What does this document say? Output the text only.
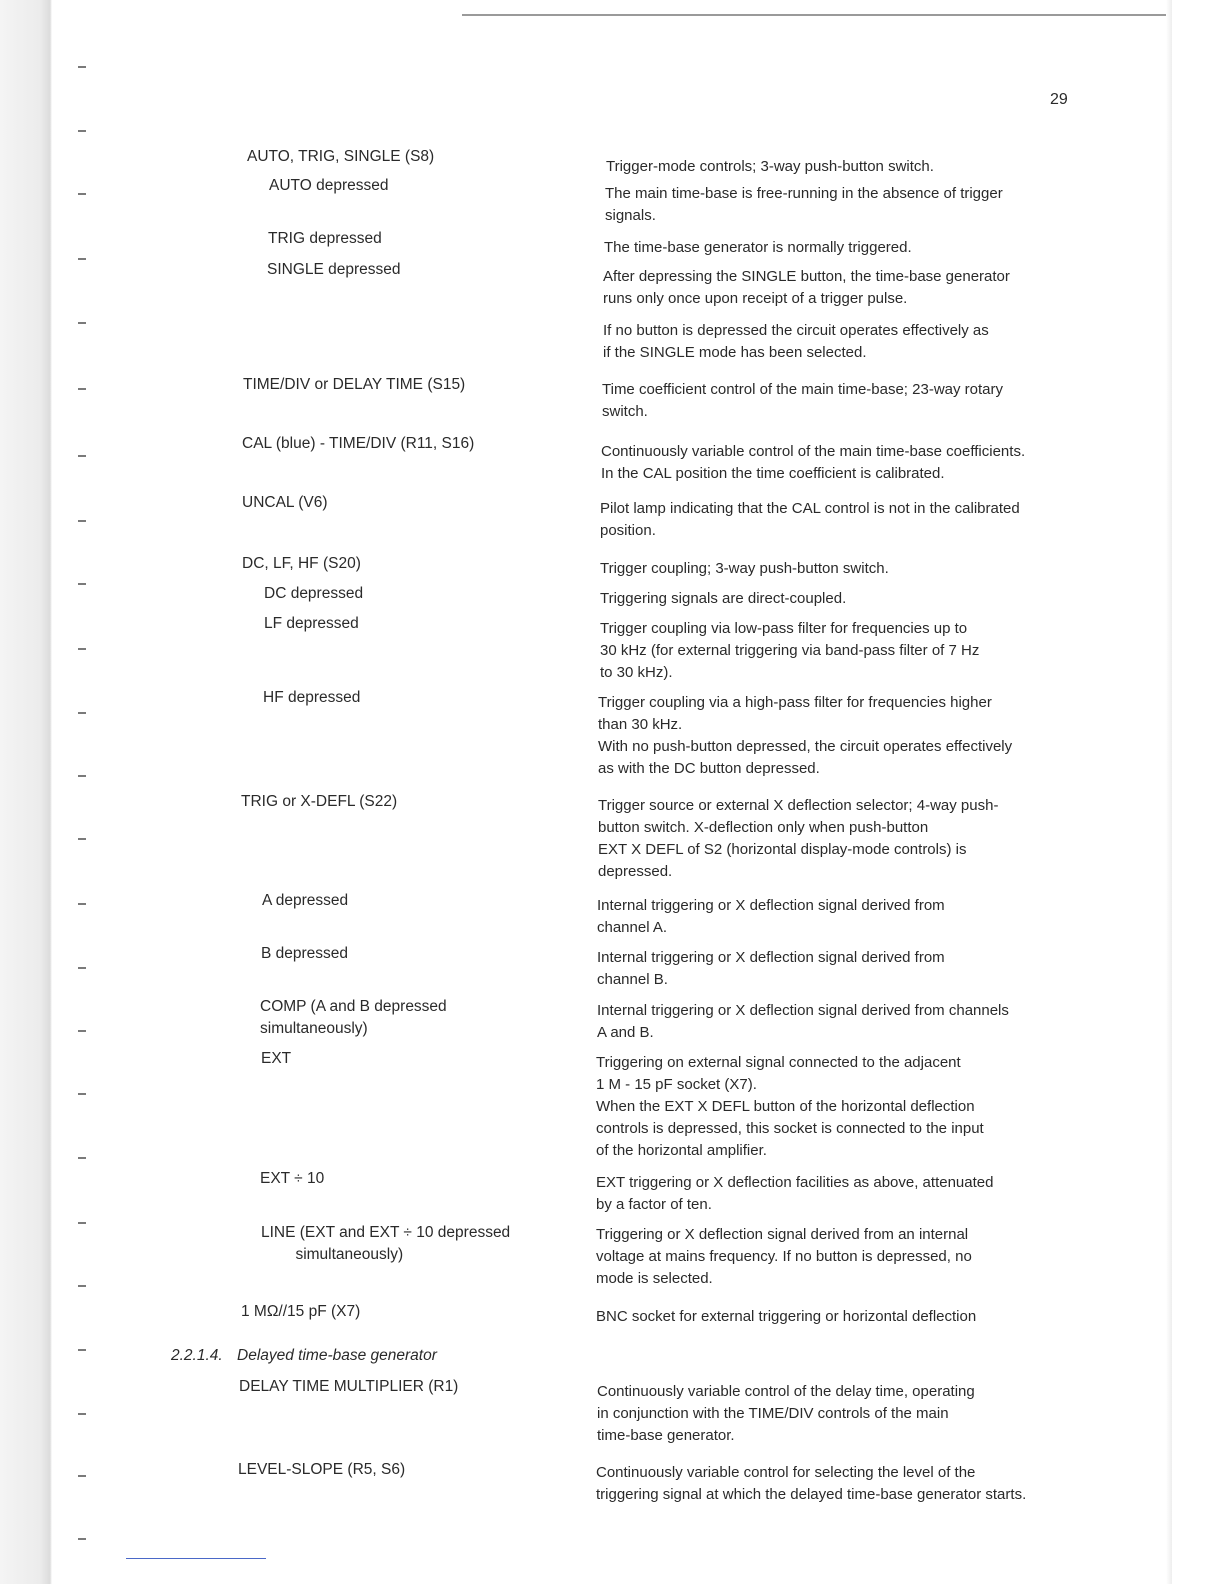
29
AUTO, TRIG, SINGLE (S8)
AUTO depressed
TRIG depressed
SINGLE depressed
TIME/DIV or DELAY TIME (S15)
CAL (blue) - TIME/DIV (R11, S16)
UNCAL (V6)
DC, LF, HF (S20)
DC depressed
LF depressed
HF depressed
TRIG or X-DEFL (S22)
A depressed
B depressed
COMP (A and B depressed
simultaneously)
EXT
EXT ÷ 10
LINE (EXT and EXT ÷ 10 depressed
simultaneously)
1 MΩ//15 pF (X7)
DELAY TIME MULTIPLIER (R1)
LEVEL-SLOPE (R5, S6)
2.2.1.4. Delayed time-base generator
Trigger-mode controls; 3-way push-button switch.
The main time-base is free-running in the absence of trigger
signals.
The time-base generator is normally triggered.
After depressing the SINGLE button, the time-base generator
runs only once upon receipt of a trigger pulse.
If no button is depressed the circuit operates effectively as
if the SINGLE mode has been selected.
Time coefficient control of the main time-base; 23-way rotary
switch.
Continuously variable control of the main time-base coefficients.
In the CAL position the time coefficient is calibrated.
Pilot lamp indicating that the CAL control is not in the calibrated
position.
Trigger coupling; 3-way push-button switch.
Triggering signals are direct-coupled.
Trigger coupling via low-pass filter for frequencies up to
30 kHz (for external triggering via band-pass filter of 7 Hz
to 30 kHz).
Trigger coupling via a high-pass filter for frequencies higher
than 30 kHz.
With no push-button depressed, the circuit operates effectively
as with the DC button depressed.
Trigger source or external X deflection selector; 4-way push-
button switch. X-deflection only when push-button
EXT X DEFL of S2 (horizontal display-mode controls) is
depressed.
Internal triggering or X deflection signal derived from
channel A.
Internal triggering or X deflection signal derived from
channel B.
Internal triggering or X deflection signal derived from channels
A and B.
Triggering on external signal connected to the adjacent
1 M - 15 pF socket (X7).
When the EXT X DEFL button of the horizontal deflection
controls is depressed, this socket is connected to the input
of the horizontal amplifier.
EXT triggering or X deflection facilities as above, attenuated
by a factor of ten.
Triggering or X deflection signal derived from an internal
voltage at mains frequency. If no button is depressed, no
mode is selected.
BNC socket for external triggering or horizontal deflection
Continuously variable control of the delay time, operating
in conjunction with the TIME/DIV controls of the main
time-base generator.
Continuously variable control for selecting the level of the
triggering signal at which the delayed time-base generator starts.
